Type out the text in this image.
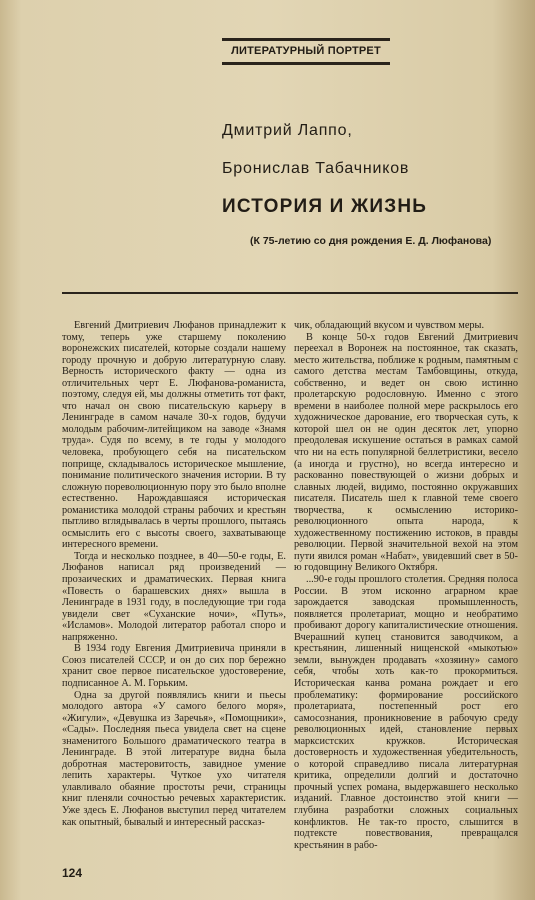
ЛИТЕРАТУРНЫЙ ПОРТРЕТ
Дмитрий Лаппо,
Бронислав Табачников
ИСТОРИЯ И ЖИЗНЬ
(К 75-летию со дня рождения Е. Д. Люфанова)

Евгений Дмитриевич Люфанов принадлежит к тому, теперь уже старшему поколению воронежских писателей, которые создали нашему городу прочную и добрую литературную славу. Верность исторического факту — одна из отличительных черт Е. Люфанова-романиста, поэтому, следуя ей, мы должны отметить тот факт, что начал он свою писательскую карьеру в Ленинграде в самом начале 30-х годов, будучи молодым рабочим-литейщиком на заводе «Знамя труда». Судя по всему, в те годы у молодого человека, пробующего себя на писательском поприще, складывалось историческое мышление, понимание политического значения истории. В ту сложную пореволюционную пору это было вполне естественно. Нарождавшаяся историческая романистика молодой страны рабочих и крестьян пытливо вглядывалась в черты прошлого, пытаясь осмыслить его с высоты своего, захватывающе интересного времени.

Тогда и несколько позднее, в 40—50-е годы, Е. Люфанов написал ряд произведений — прозаических и драматических. Первая книга «Повесть о барашевских днях» вышла в Ленинграде в 1931 году, в последующие три года увидели свет «Суханские ночи», «Путь», «Исламов». Молодой литератор работал споро и напряженно.

В 1934 году Евгения Дмитриевича приняли в Союз писателей СССР, и он до сих пор бережно хранит свое первое писательское удостоверение, подписанное А. М. Горьким.

Одна за другой появлялись книги и пьесы молодого автора «У самого белого моря», «Жигули», «Девушка из Заречья», «Помощники», «Сады». Последняя пьеса увидела свет на сцене знаменитого Большого драматического театра в Ленинграде. В этой литературе видна была добротная мастеровитость, завидное умение лепить характеры. Чуткое ухо читателя улавливало обаяние простоты речи, страницы книг пленяли сочностью речевых характеристик. Уже здесь Е. Люфанов выступил перед читателем как опытный, бывалый и интересный рассказ-

чик, обладающий вкусом и чувством меры.

В конце 50-х годов Евгений Дмитриевич переехал в Воронеж на постоянное, так сказать, место жительства, поближе к родным, памятным с самого детства местам Тамбовщины, откуда, собственно, и ведет он свою истинно пролетарскую родословную. Именно с этого времени в наиболее полной мере раскрылось его художническое дарование, его творческая суть, к которой шел он не один десяток лет, упорно преодолевая искушение остаться в рамках самой что ни на есть популярной беллетристики, весело (а иногда и грустно), но всегда интересно и раскованно повествующей о жизни добрых и славных людей, видимо, постоянно окружавших писателя. Писатель шел к главной теме своего творчества, к осмыслению историко-революционного опыта народа, к художественному постижению истоков, в правды революции. Первой значительной вехой на этом пути явился роман «Набат», увидевший свет в 50-ю годовщину Великого Октября.

...90-е годы прошлого столетия. Средняя полоса России. В этом исконно аграрном крае зарождается заводская промышленность, появляется пролетариат, мощно и необратимо пробивают дорогу капиталистические отношения. Вчерашний купец становится заводчиком, а крестьянин, лишенный нищенской «мыкотью» земли, вынужден продавать «хозяину» самого себя, чтобы хоть как-то прокормиться. Историческая канва романа рождает и его проблематику: формирование российского пролетариата, постепенный рост его самосознания, проникновение в рабочую среду революционных идей, становление первых марксистских кружков. Историческая достоверность и художественная убедительность, о которой справедливо писала литературная критика, определили долгий и достаточно прочный успех романа, выдержавшего несколько изданий. Главное достоинство этой книги — глубина разработки сложных социальных конфликтов. Не так-то просто, слышится в подтексте повествования, превращался крестьянин в рабо-

124
